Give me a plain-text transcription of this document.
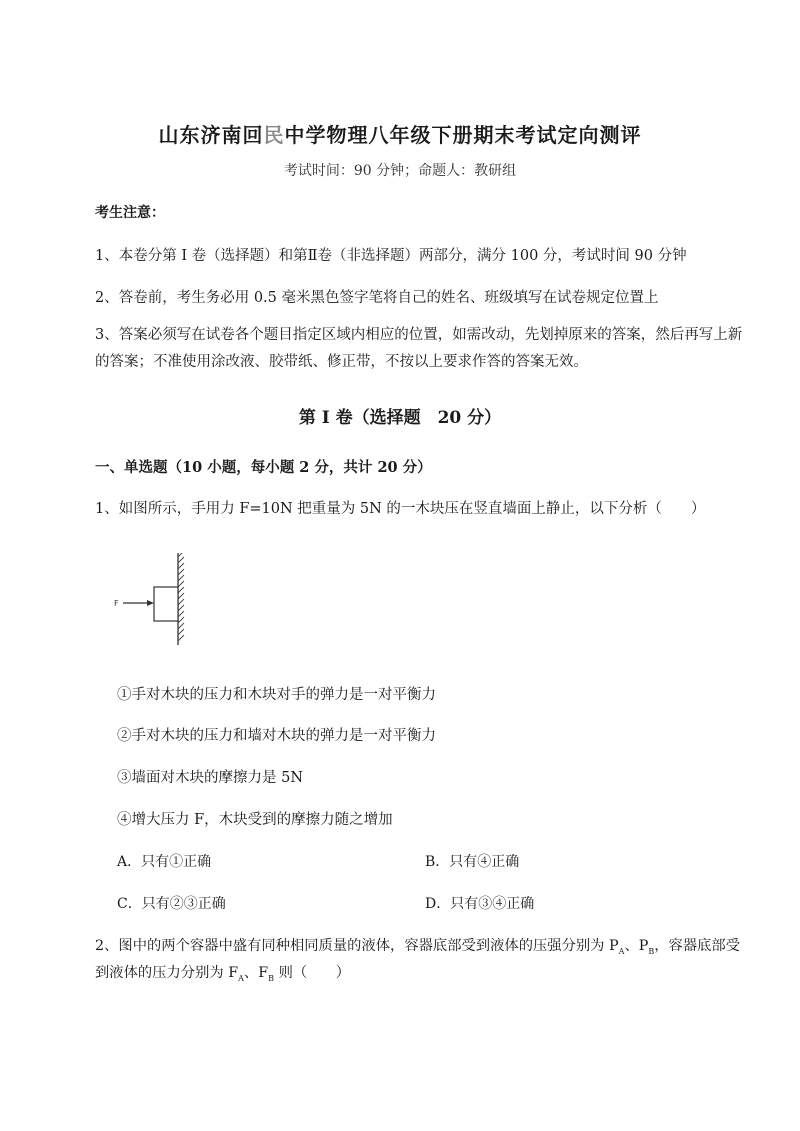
山东济南回民中学物理八年级下册期末考试定向测评
考试时间：90 分钟；命题人：教研组
考生注意：
1、本卷分第 I 卷（选择题）和第Ⅱ卷（非选择题）两部分，满分 100 分，考试时间 90 分钟
2、答卷前，考生务必用 0.5 毫米黑色签字笔将自己的姓名、班级填写在试卷规定位置上
3、答案必须写在试卷各个题目指定区域内相应的位置，如需改动，先划掉原来的答案，然后再写上新的答案；不准使用涂改液、胶带纸、修正带，不按以上要求作答的答案无效。
第 I 卷（选择题　20 分）
一、单选题（10 小题，每小题 2 分，共计 20 分）
1、如图所示，手用力 F=10N 把重量为 5N 的一木块压在竖直墙面上静止，以下分析（　　）
F
①手对木块的压力和木块对手的弹力是一对平衡力
②手对木块的压力和墙对木块的弹力是一对平衡力
③墙面对木块的摩擦力是 5N
④增大压力 F，木块受到的摩擦力随之增加
A．只有①正确	B．只有④正确
C．只有②③正确	D．只有③④正确
2、图中的两个容器中盛有同种相同质量的液体，容器底部受到液体的压强分别为 $P_A$、$P_B$，容器底部受
到液体的压力分别为 $F_A$、$F_B$ 则（　　）
